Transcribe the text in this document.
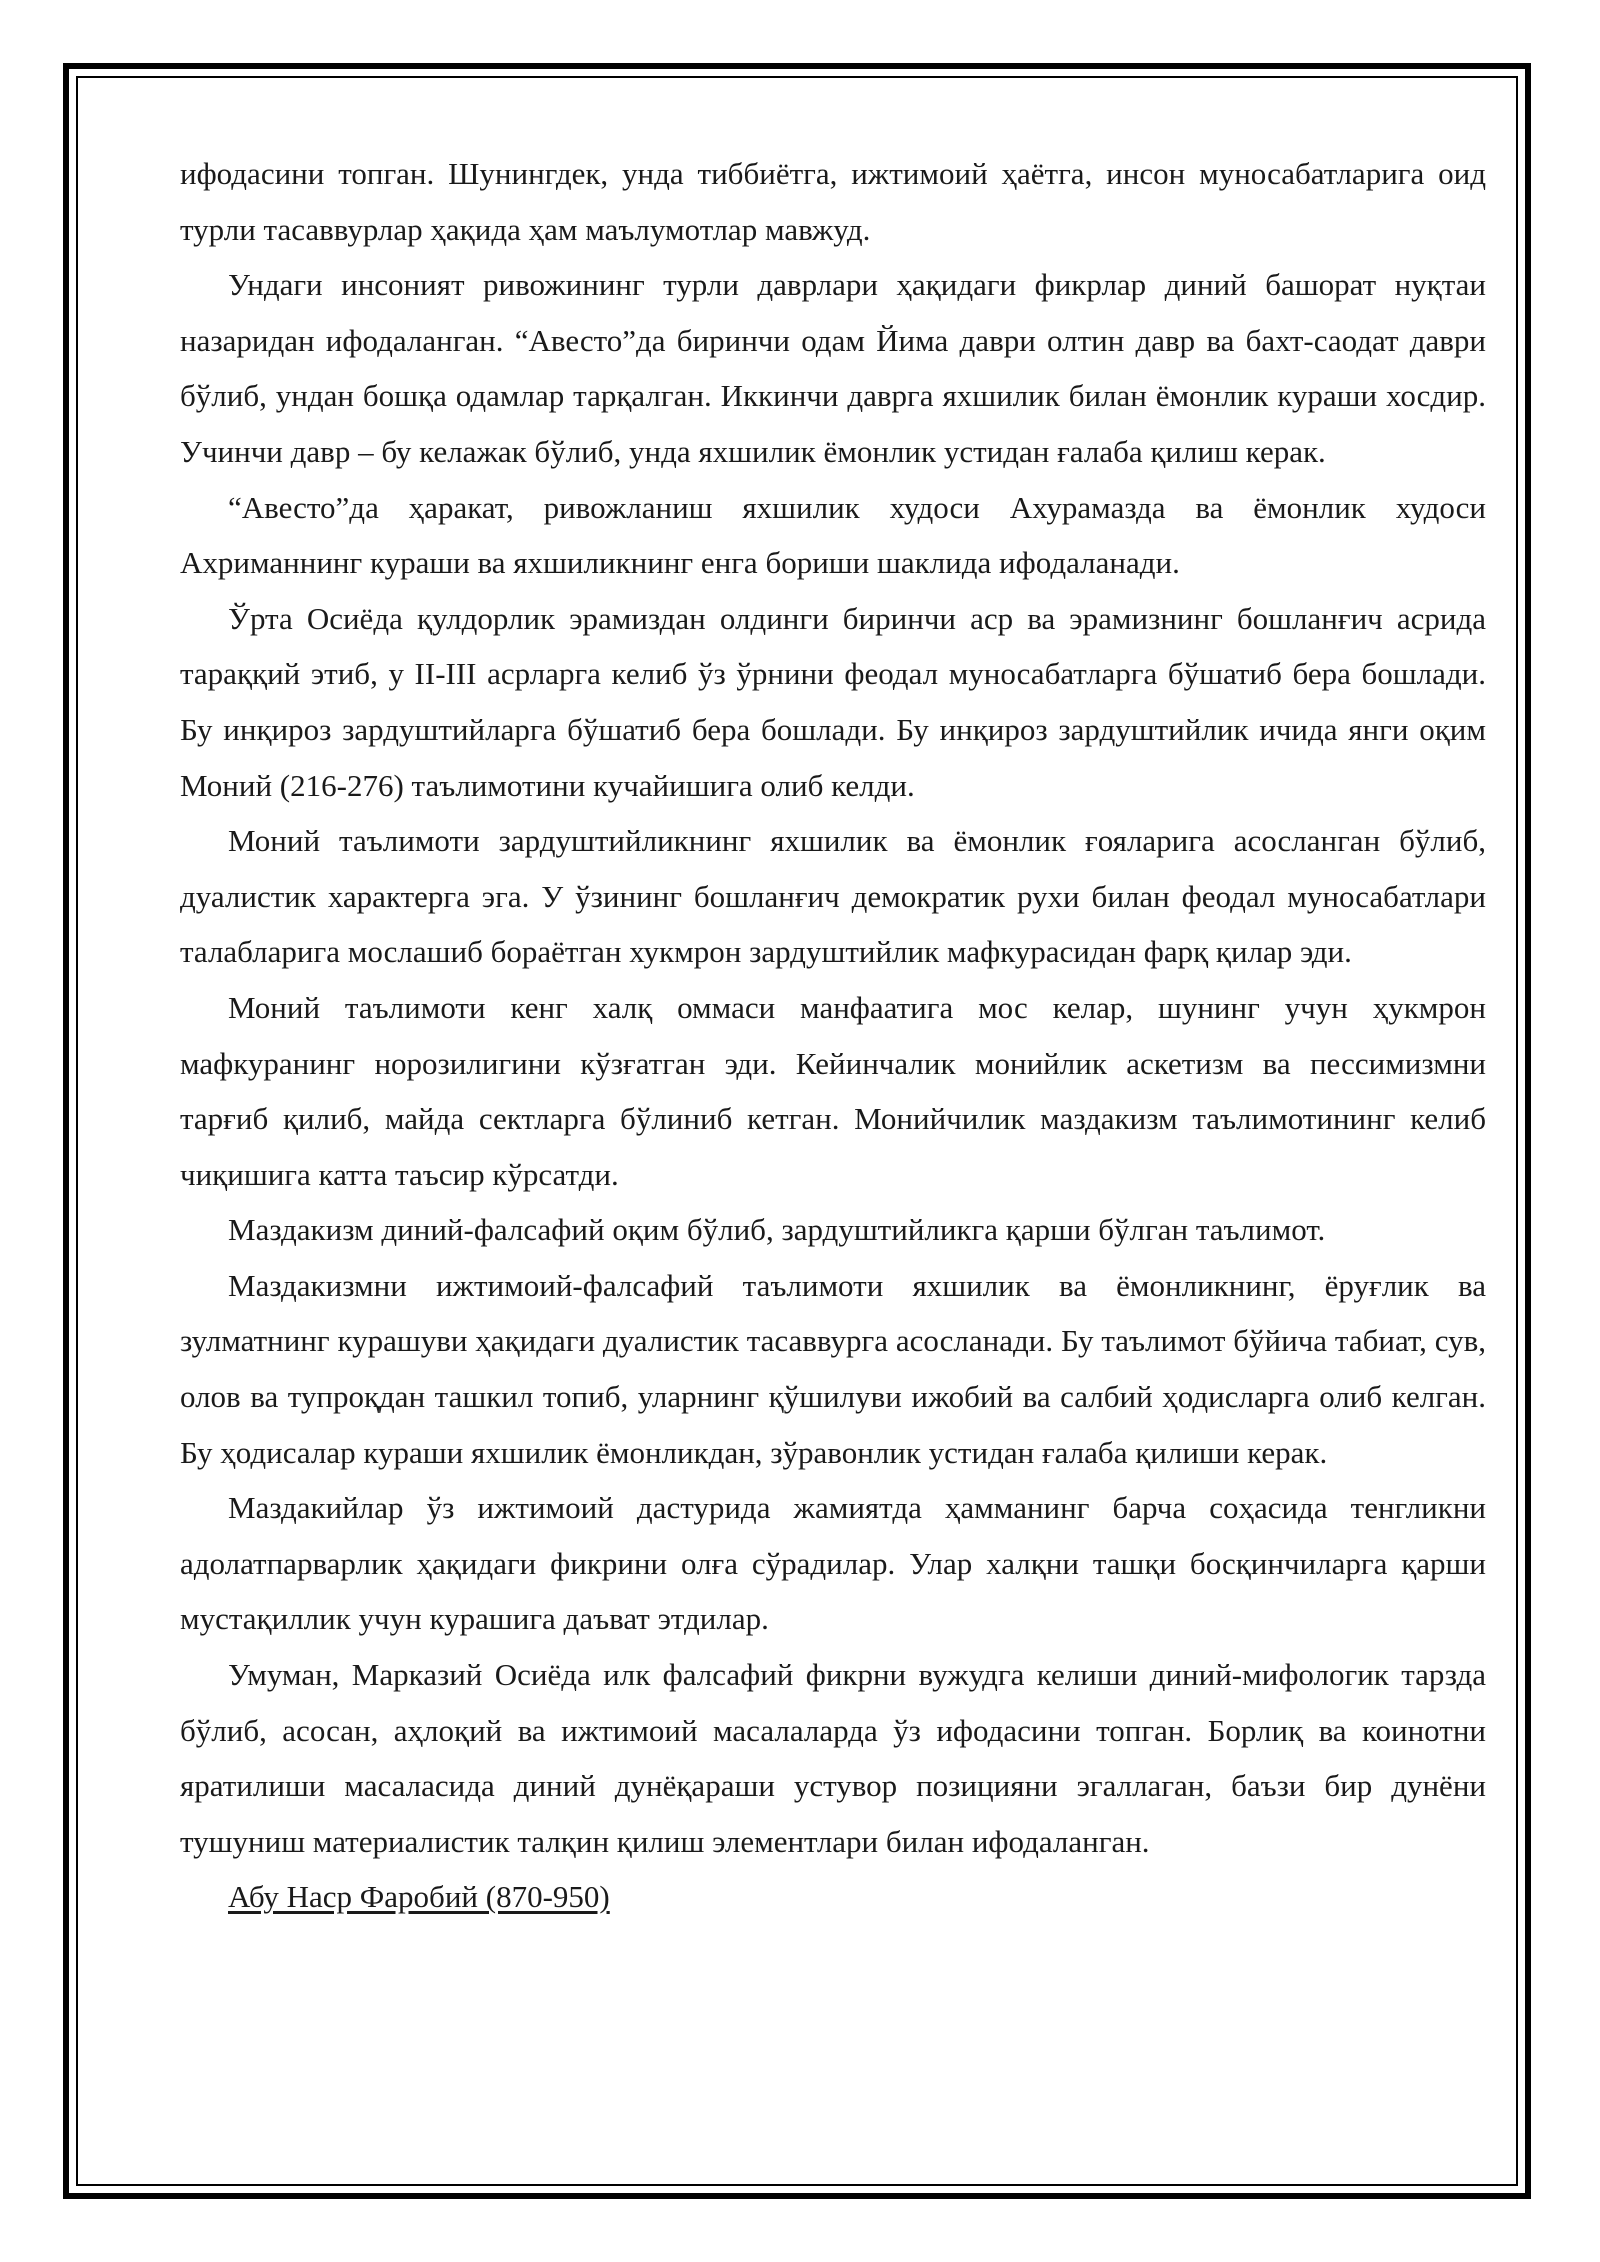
ифодасини топган. Шунингдек, унда тиббиётга, ижтимоий ҳаётга, инсон муносабатларига оид турли тасаввурлар ҳақида ҳам маълумотлар мавжуд.

Ундаги инсоният ривожининг турли даврлари ҳақидаги фикрлар диний башорат нуқтаи назаридан ифодаланган. “Авесто”да биринчи одам Йима даври олтин давр ва бахт-саодат даври бўлиб, ундан бошқа одамлар тарқалган. Иккинчи даврга яхшилик билан ёмонлик кураши хосдир. Учинчи давр – бу келажак бўлиб, унда яхшилик ёмонлик устидан ғалаба қилиш керак.

“Авесто”да ҳаракат, ривожланиш яхшилик худоси Ахурамазда ва ёмонлик худоси Ахриманнинг кураши ва яхшиликнинг енга бориши шаклида ифодаланади.

Ўрта Осиёда қулдорлик эрамиздан олдинги биринчи аср ва эрамизнинг бошланғич асрида тараққий этиб, у II-III асрларга келиб ўз ўрнини феодал муносабатларга бўшатиб бера бошлади. Бу инқироз зардуштийларга бўшатиб бера бошлади. Бу инқироз зардуштийлик ичида янги оқим Моний (216-276) таълимотини кучайишига олиб келди.

Моний таълимоти зардуштийликнинг яхшилик ва ёмонлик ғояларига асосланган бўлиб, дуалистик характерга эга. У ўзининг бошланғич демократик рухи билан феодал муносабатлари талабларига мослашиб бораётган хукмрон зардуштийлик мафкурасидан фарқ қилар эди.

Моний таълимоти кенг халқ оммаси манфаатига мос келар, шунинг учун ҳукмрон мафкуранинг норозилигини кўзғатган эди. Кейинчалик монийлик аскетизм ва пессимизмни тарғиб қилиб, майда сектларга бўлиниб кетган. Монийчилик маздакизм таълимотининг келиб чиқишига катта таъсир кўрсатди.

Маздакизм диний-фалсафий оқим бўлиб, зардуштийликга қарши бўлган таълимот.

Маздакизмни ижтимоий-фалсафий таълимоти яхшилик ва ёмонликнинг, ёруғлик ва зулматнинг курашуви ҳақидаги дуалистик тасаввурга асосланади. Бу таълимот бўйича табиат, сув, олов ва тупроқдан ташкил топиб, уларнинг қўшилуви ижобий ва салбий ҳодисларга олиб келган. Бу ҳодисалар кураши яхшилик ёмонликдан, зўравонлик устидан ғалаба қилиши керак.

Маздакийлар ўз ижтимоий дастурида жамиятда ҳамманинг барча соҳасида тенгликни адолатпарварлик ҳақидаги фикрини олға сўрадилар. Улар халқни ташқи босқинчиларга қарши мустақиллик учун курашига даъват этдилар.

Умуман, Марказий Осиёда илк фалсафий фикрни вужудга келиши диний-мифологик тарзда бўлиб, асосан, аҳлоқий ва ижтимоий масалаларда ўз ифодасини топган. Борлиқ ва коинотни яратилиши масаласида диний дунёқараши устувор позицияни эгаллаган, баъзи бир дунёни тушуниш материалистик талқин қилиш элементлари билан ифодаланган.

Абу Наср Фаробий (870-950)
